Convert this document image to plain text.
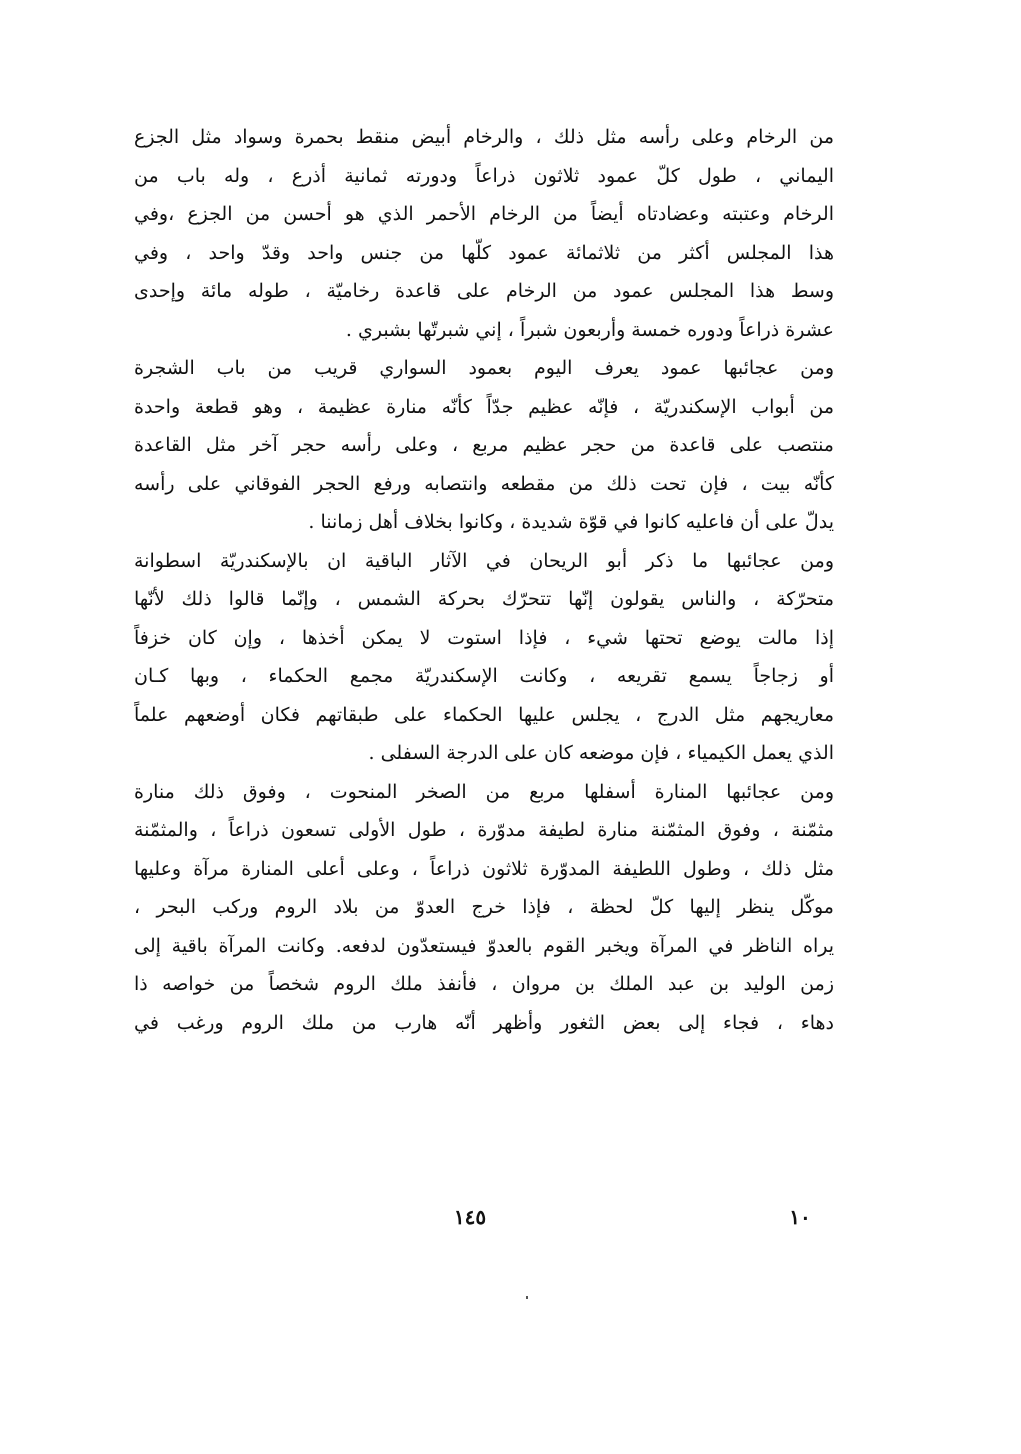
من الرخام وعلى رأسه مثل ذلك ، والرخام أبيض منقط بحمرة وسواد مثل الجزع
اليماني ، طول كلّ عمود ثلاثون ذراعاً ودورته ثمانية أذرع ، وله باب من
الرخام وعتبته وعضادتاه أيضاً من الرخام الأحمر الذي هو أحسن من الجزع ،وفي
هذا المجلس أكثر من ثلاثمائة عمود كلّها من جنس واحد وقدّ واحد ، وفي
وسط هذا المجلس عمود من الرخام على قاعدة رخاميّة ، طوله مائة وإحدى
عشرة ذراعاً ودوره خمسة وأربعون شبراً ، إني شبرتّها بشبري .
ومن عجائبها عمود يعرف اليوم بعمود السواري قريب من باب الشجرة
من أبواب الإسكندريّة ، فإنّه عظيم جدّاً كأنّه منارة عظيمة ، وهو قطعة واحدة
منتصب على قاعدة من حجر عظيم مربع ، وعلى رأسه حجر آخر مثل القاعدة
كأنّه بيت ، فإن تحت ذلك من مقطعه وانتصابه ورفع الحجر الفوقاني على رأسه
يدلّ على أن فاعليه كانوا في قوّة شديدة ، وكانوا بخلاف أهل زماننا .
ومن عجائبها ما ذكر أبو الريحان في الآثار الباقية ان بالإسكندريّة اسطوانة
متحرّكة ، والناس يقولون إنّها تتحرّك بحركة الشمس ، وإنّما قالوا ذلك لأنّها
إذا مالت يوضع تحتها شيء ، فإذا استوت لا يمكن أخذها ، وإن كان خزفاً
أو زجاجاً يسمع تقريعه ، وكانت الإسكندريّة مجمع الحكماء ، وبها كـان
معاريجهم مثل الدرج ، يجلس عليها الحكماء على طبقاتهم فكان أوضعهم علماً
الذي يعمل الكيمياء ، فإن موضعه كان على الدرجة السفلى .
ومن عجائبها المنارة أسفلها مربع من الصخر المنحوت ، وفوق ذلك منارة
مثمّنة ، وفوق المثمّنة منارة لطيفة مدوّرة ، طول الأولى تسعون ذراعاً ، والمثمّنة
مثل ذلك ، وطول اللطيفة المدوّرة ثلاثون ذراعاً ، وعلى أعلى المنارة مرآة وعليها
موكّل ينظر إليها كلّ لحظة ، فإذا خرج العدوّ من بلاد الروم وركب البحر ،
يراه الناظر في المرآة ويخبر القوم بالعدوّ فيستعدّون لدفعه. وكانت المرآة باقية إلى
زمن الوليد بن عبد الملك بن مروان ، فأنفذ ملك الروم شخصاً من خواصه ذا
دهاء ، فجاء إلى بعض الثغور وأظهر أنّه هارب من ملك الروم ورغب في
١٤٥	١٠
